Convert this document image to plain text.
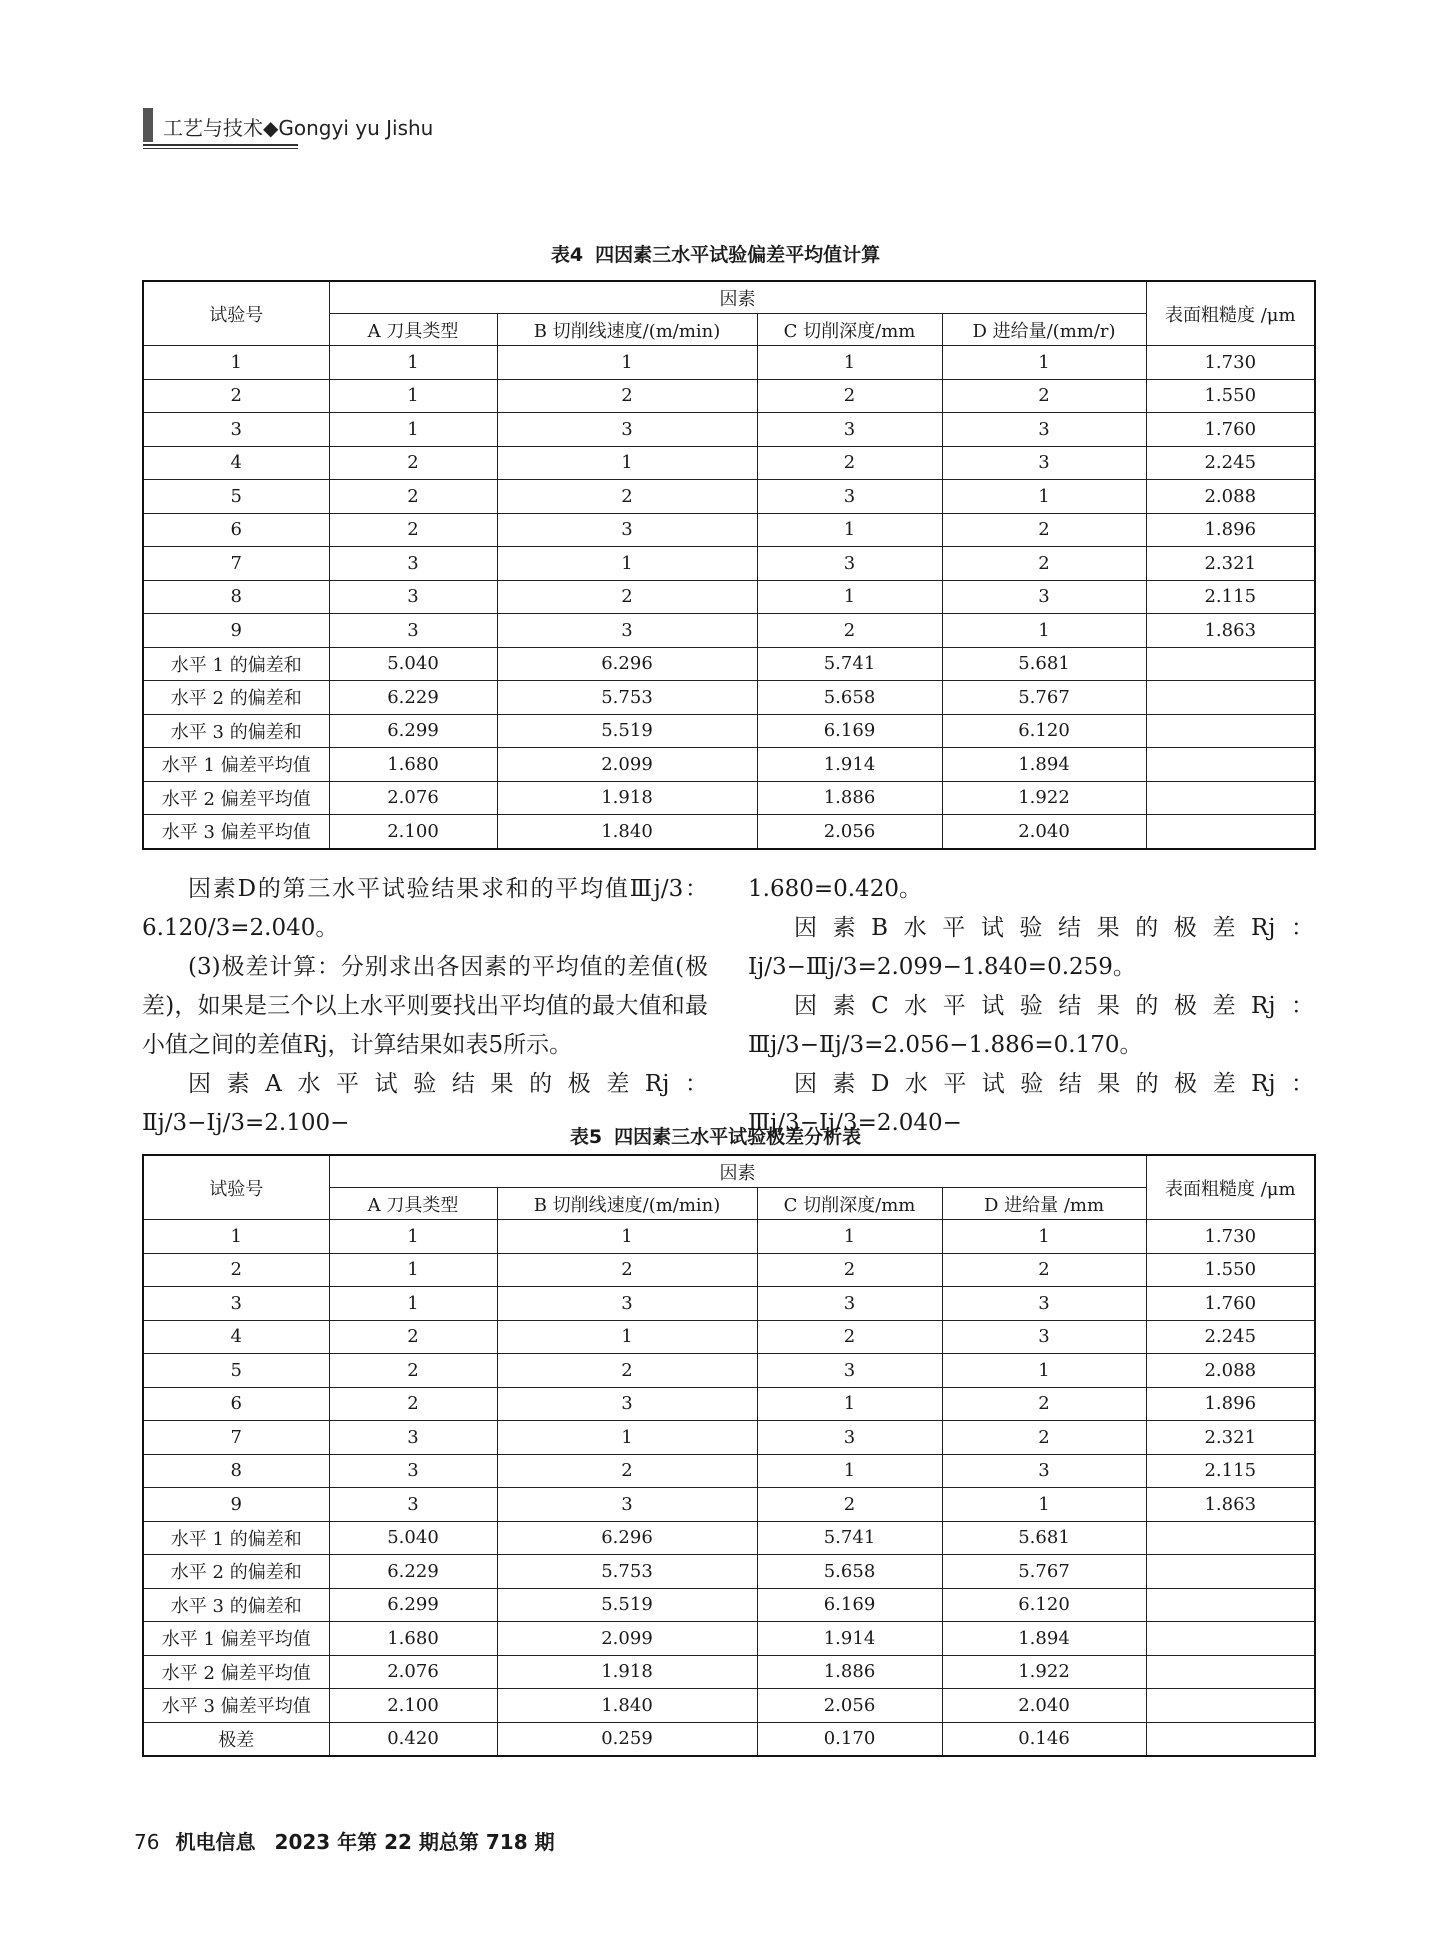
工艺与技术◆Gongyi yu Jishu
表4 四因素三水平试验偏差平均值计算
试验号	因素				表面粗糙度 /μm
	A 刀具类型	B 切削线速度/(m/min)	C 切削深度/mm	D 进给量/(mm/r)	
1	1	1	1	1	1.730
2	1	2	2	2	1.550
3	1	3	3	3	1.760
4	2	1	2	3	2.245
5	2	2	3	1	2.088
6	2	3	1	2	1.896
7	3	1	3	2	2.321
8	3	2	1	3	2.115
9	3	3	2	1	1.863
水平 1 的偏差和	5.040	6.296	5.741	5.681	
水平 2 的偏差和	6.229	5.753	5.658	5.767	
水平 3 的偏差和	6.299	5.519	6.169	6.120	
水平 1 偏差平均值	1.680	2.099	1.914	1.894	
水平 2 偏差平均值	2.076	1.918	1.886	1.922	
水平 3 偏差平均值	2.100	1.840	2.056	2.040	

因素D的第三水平试验结果求和的平均值Ⅲj/3：6.120/3=2.040。

(3)极差计算：分别求出各因素的平均值的差值(极差)，如果是三个以上水平则要找出平均值的最大值和最小值之间的差值Rj，计算结果如表5所示。

因素A水平试验结果的极差Rj：Ⅱj/3−Ⅰj/3=2.100−

1.680=0.420。

因素B水平试验结果的极差Rj：Ⅰj/3−Ⅲj/3=2.099−1.840=0.259。

因素C水平试验结果的极差Rj：Ⅲj/3−Ⅱj/3=2.056−1.886=0.170。

因素D水平试验结果的极差Rj：Ⅲj/3−Ⅰj/3=2.040−

表5 四因素三水平试验极差分析表
试验号	因素				表面粗糙度 /μm
	A 刀具类型	B 切削线速度/(m/min)	C 切削深度/mm	D 进给量 /mm	
1	1	1	1	1	1.730
2	1	2	2	2	1.550
3	1	3	3	3	1.760
4	2	1	2	3	2.245
5	2	2	3	1	2.088
6	2	3	1	2	1.896
7	3	1	3	2	2.321
8	3	2	1	3	2.115
9	3	3	2	1	1.863
水平 1 的偏差和	5.040	6.296	5.741	5.681	
水平 2 的偏差和	6.229	5.753	5.658	5.767	
水平 3 的偏差和	6.299	5.519	6.169	6.120	
水平 1 偏差平均值	1.680	2.099	1.914	1.894	
水平 2 偏差平均值	2.076	1.918	1.886	1.922	
水平 3 偏差平均值	2.100	1.840	2.056	2.040	
极差	0.420	0.259	0.170	0.146	
76 机电信息 2023 年第 22 期总第 718 期
